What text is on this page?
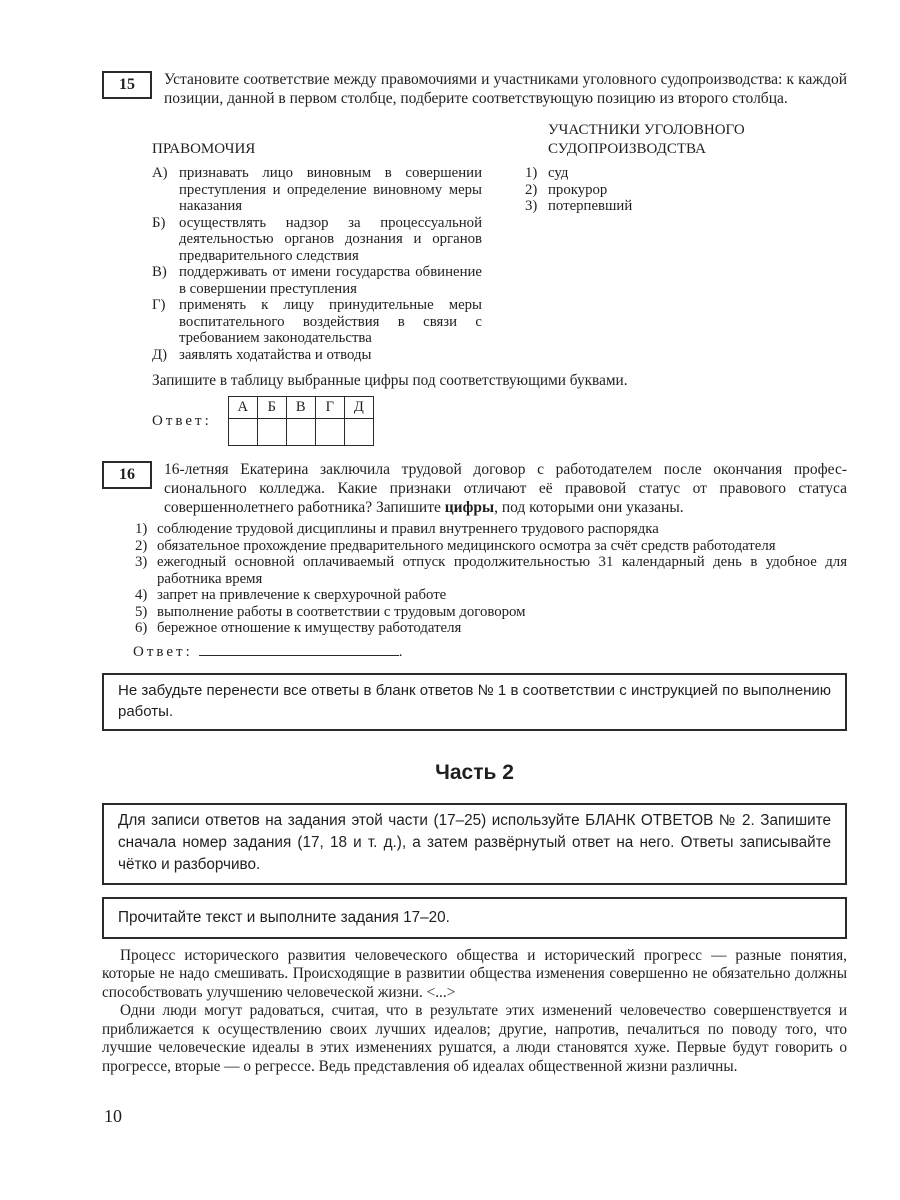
15 Установите соответствие между правомочиями и участниками уголовного судопроизводства: к каждой позиции, данной в первом столбце, подберите соответствующую позицию из второго столбца.

ПРАВОМОЧИЯ
А) признавать лицо виновным в совершении преступления и определение виновному меры наказания
Б) осуществлять надзор за процессуальной деятельностью органов дознания и органов предварительного следствия
В) поддерживать от имени государства обвинение в совершении преступления
Г) применять к лицу принудительные меры воспитательного воздействия в связи с требованием законодательства
Д) заявлять ходатайства и отводы
УЧАСТНИКИ УГОЛОВНОГО СУДОПРОИЗВОДСТВА
1) суд
2) прокурор
3) потерпевший

Запишите в таблицу выбранные цифры под соответствующими буквами.

Ответ:
А	Б	В	Г	Д

16 16-летняя Екатерина заключила трудовой договор с работодателем после окончания профессионального колледжа. Какие признаки отличают её правовой статус от правового статуса совершеннолетнего работника? Запишите цифры, под которыми они указаны.

1) соблюдение трудовой дисциплины и правил внутреннего трудового распорядка
2) обязательное прохождение предварительного медицинского осмотра за счёт средств работодателя
3) ежегодный основной оплачиваемый отпуск продолжительностью 31 календарный день в удобное для работника время
4) запрет на привлечение к сверхурочной работе
5) выполнение работы в соответствии с трудовым договором
6) бережное отношение к имуществу работодателя
Ответ:	.

Не забудьте перенести все ответы в бланк ответов № 1 в соответствии с инструкцией по выполнению работы.

Часть 2

Для записи ответов на задания этой части (17–25) используйте БЛАНК ОТВЕТОВ № 2. Запишите сначала номер задания (17, 18 и т. д.), а затем развёрнутый ответ на него. Ответы записывайте чётко и разборчиво.

Прочитайте текст и выполните задания 17–20.

Процесс исторического развития человеческого общества и исторический прогресс — разные понятия, которые не надо смешивать. Происходящие в развитии общества изменения совершенно не обязательно должны способствовать улучшению человеческой жизни. <...>

Одни люди могут радоваться, считая, что в результате этих изменений человечество совершенствуется и приближается к осуществлению своих лучших идеалов; другие, напротив, печалиться по поводу того, что лучшие человеческие идеалы в этих изменениях рушатся, а люди становятся хуже. Первые будут говорить о прогрессе, вторые — о регрессе. Ведь представления об идеалах общественной жизни различны.

10
